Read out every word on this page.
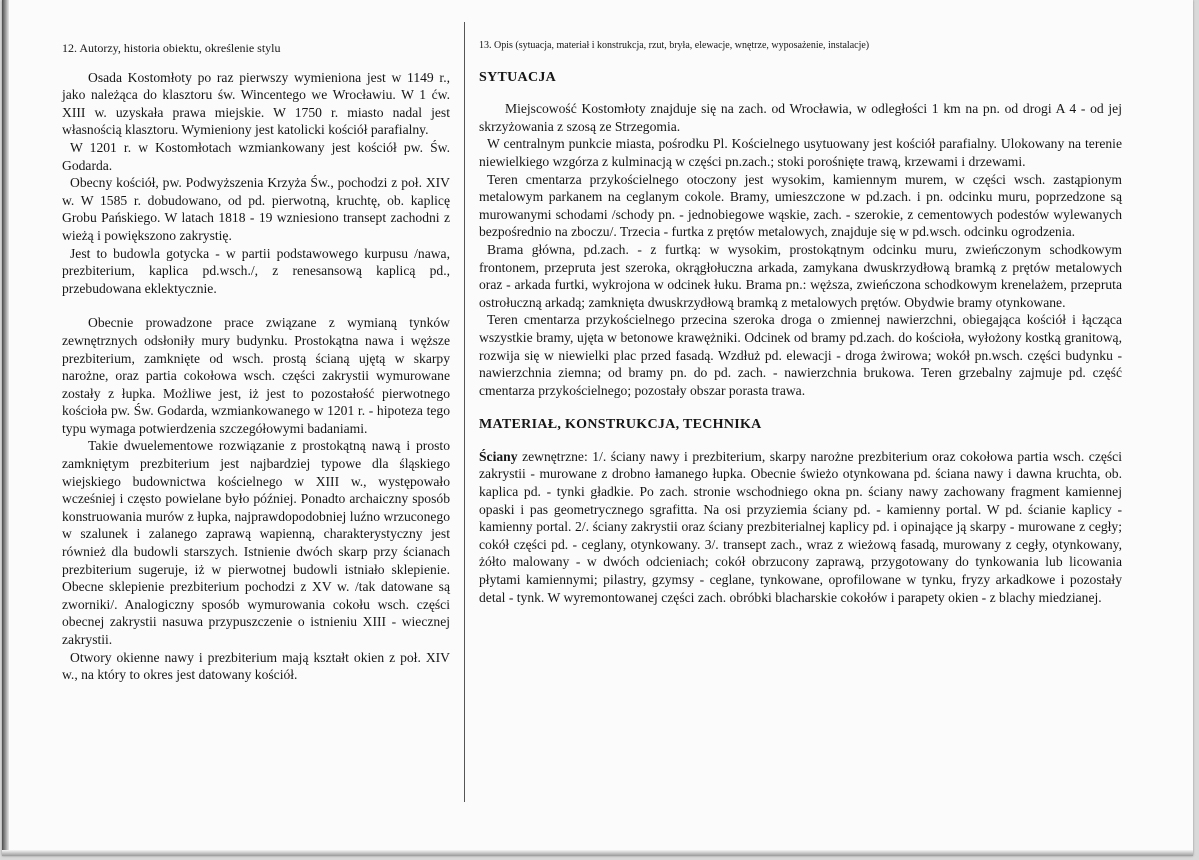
12. Autorzy, historia obiektu, określenie stylu

Osada Kostomłoty po raz pierwszy wymieniona jest w 1149 r., jako należąca do klasztoru św. Wincentego we Wrocławiu. W 1 ćw. XIII w. uzyskała prawa miejskie. W 1750 r. miasto nadal jest własnością klasztoru. Wymieniony jest katolicki kościół parafialny.

W 1201 r. w Kostomłotach wzmiankowany jest kościół pw. Św. Godarda.

Obecny kościół, pw. Podwyższenia Krzyża Św., pochodzi z poł. XIV w. W 1585 r. dobudowano, od pd. pierwotną, kruchtę, ob. kaplicę Grobu Pańskiego. W latach 1818 - 19 wzniesiono transept zachodni z wieżą i powiększono zakrystię.

Jest to budowla gotycka - w partii podstawowego kurpusu /nawa, prezbiterium, kaplica pd.wsch./, z renesansową kaplicą pd., przebudowana eklektycznie.

Obecnie prowadzone prace związane z wymianą tynków zewnętrznych odsłoniły mury budynku. Prostokątna nawa i węższe prezbiterium, zamknięte od wsch. prostą ścianą ujętą w skarpy narożne, oraz partia cokołowa wsch. części zakrystii wymurowane zostały z łupka. Możliwe jest, iż jest to pozostałość pierwotnego kościoła pw. Św. Godarda, wzmiankowanego w 1201 r. - hipoteza tego typu wymaga potwierdzenia szczegółowymi badaniami.

Takie dwuelementowe rozwiązanie z prostokątną nawą i prosto zamkniętym prezbiterium jest najbardziej typowe dla śląskiego wiejskiego budownictwa kościelnego w XIII w., występowało wcześniej i często powielane było później. Ponadto archaiczny sposób konstruowania murów z łupka, najprawdopodobniej luźno wrzuconego w szalunek i zalanego zaprawą wapienną, charakterystyczny jest również dla budowli starszych. Istnienie dwóch skarp przy ścianach prezbiterium sugeruje, iż w pierwotnej budowli istniało sklepienie. Obecne sklepienie prezbiterium pochodzi z XV w. /tak datowane są zworniki/. Analogiczny sposób wymurowania cokołu wsch. części obecnej zakrystii nasuwa przypuszczenie o istnieniu XIII - wiecznej zakrystii.

Otwory okienne nawy i prezbiterium mają kształt okien z poł. XIV w., na który to okres jest datowany kościół.

13. Opis (sytuacja, materiał i konstrukcja, rzut, bryła, elewacje, wnętrze, wyposażenie, instalacje)
SYTUACJA

Miejscowość Kostomłoty znajduje się na zach. od Wrocławia, w odległości 1 km na pn. od drogi A 4 - od jej skrzyżowania z szosą ze Strzegomia.

W centralnym punkcie miasta, pośrodku Pl. Kościelnego usytuowany jest kościół parafialny. Ulokowany na terenie niewielkiego wzgórza z kulminacją w części pn.zach.; stoki porośnięte trawą, krzewami i drzewami.

Teren cmentarza przykościelnego otoczony jest wysokim, kamiennym murem, w części wsch. zastąpionym metalowym parkanem na ceglanym cokole. Bramy, umieszczone w pd.zach. i pn. odcinku muru, poprzedzone są murowanymi schodami /schody pn. - jednobiegowe wąskie, zach. - szerokie, z cementowych podestów wylewanych bezpośrednio na zboczu/. Trzecia - furtka z prętów metalowych, znajduje się w pd.wsch. odcinku ogrodzenia.

Brama główna, pd.zach. - z furtką: w wysokim, prostokątnym odcinku muru, zwieńczonym schodkowym frontonem, przepruta jest szeroka, okrągłołuczna arkada, zamykana dwuskrzydłową bramką z prętów metalowych oraz - arkada furtki, wykrojona w odcinek łuku. Brama pn.: węższa, zwieńczona schodkowym krenelażem, przepruta ostrołuczną arkadą; zamknięta dwuskrzydłową bramką z metalowych prętów. Obydwie bramy otynkowane.

Teren cmentarza przykościelnego przecina szeroka droga o zmiennej nawierzchni, obiegająca kościół i łącząca wszystkie bramy, ujęta w betonowe krawężniki. Odcinek od bramy pd.zach. do kościoła, wyłożony kostką granitową, rozwija się w niewielki plac przed fasadą. Wzdłuż pd. elewacji - droga żwirowa; wokół pn.wsch. części budynku - nawierzchnia ziemna; od bramy pn. do pd. zach. - nawierzchnia brukowa. Teren grzebalny zajmuje pd. część cmentarza przykościelnego; pozostały obszar porasta trawa.

MATERIAŁ, KONSTRUKCJA, TECHNIKA

Ściany zewnętrzne: 1/. ściany nawy i prezbiterium, skarpy narożne prezbiterium oraz cokołowa partia wsch. części zakrystii - murowane z drobno łamanego łupka. Obecnie świeżo otynkowana pd. ściana nawy i dawna kruchta, ob. kaplica pd. - tynki gładkie. Po zach. stronie wschodniego okna pn. ściany nawy zachowany fragment kamiennej opaski i pas geometrycznego sgrafitta. Na osi przyziemia ściany pd. - kamienny portal. W pd. ścianie kaplicy - kamienny portal. 2/. ściany zakrystii oraz ściany prezbiterialnej kaplicy pd. i opinające ją skarpy - murowane z cegły; cokół części pd. - ceglany, otynkowany. 3/. transept zach., wraz z wieżową fasadą, murowany z cegły, otynkowany, żółto malowany - w dwóch odcieniach; cokół obrzucony zaprawą, przygotowany do tynkowania lub licowania płytami kamiennymi; pilastry, gzymsy - ceglane, tynkowane, oprofilowane w tynku, fryzy arkadkowe i pozostały detal - tynk. W wyremontowanej części zach. obróbki blacharskie cokołów i parapety okien - z blachy miedzianej.
